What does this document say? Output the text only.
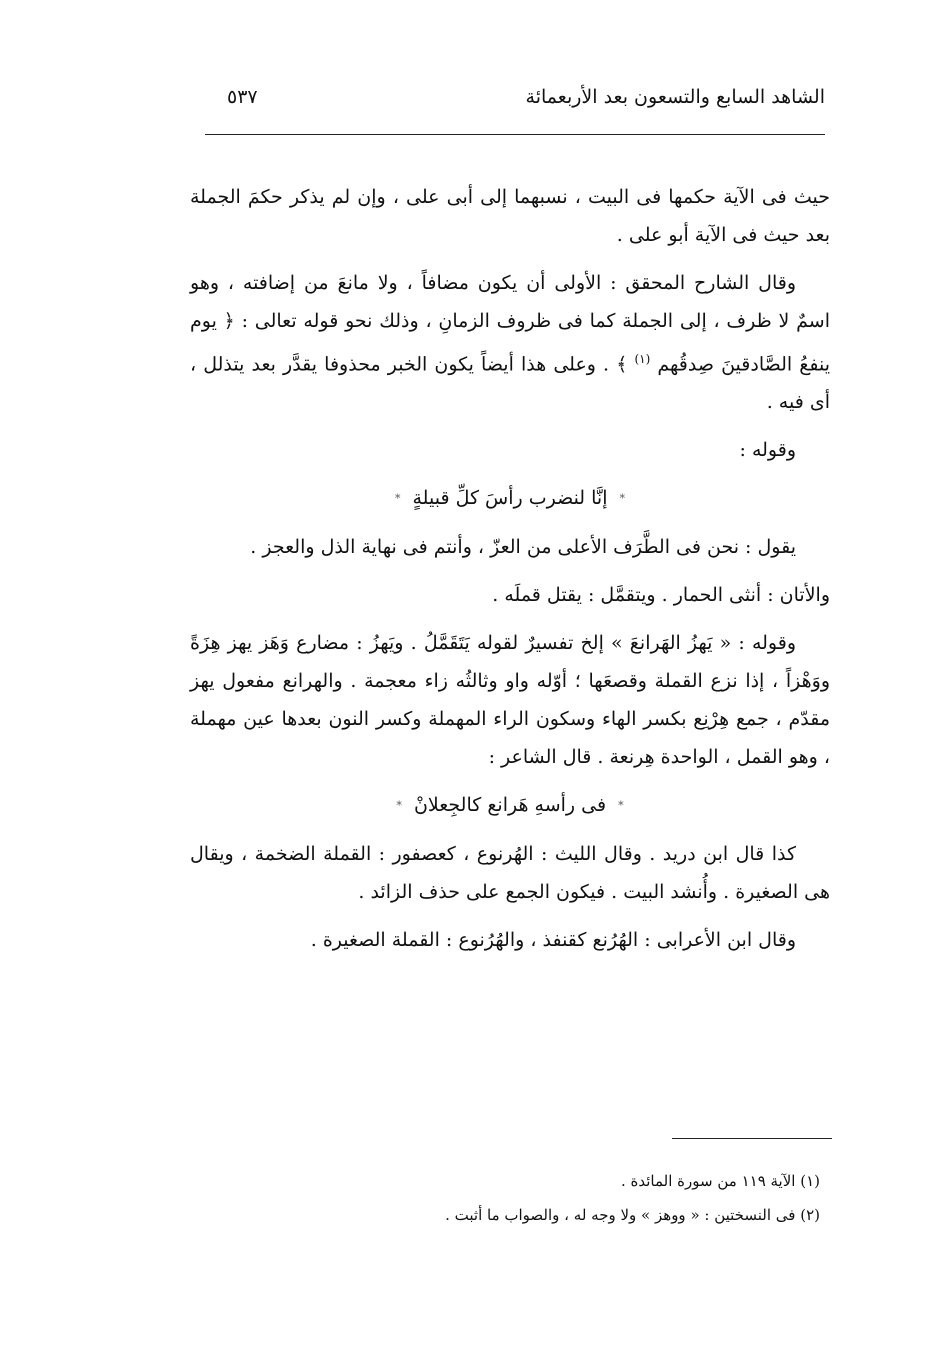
الشاهد السابع والتسعون بعد الأربعمائة
٥٣٧

حيث فى الآية حكمها فى البيت ، نسبهما إلى أبى على ، وإن لم يذكر حكمَ الجملة بعد حيث فى الآية أبو على .

وقال الشارح المحقق : الأولى أن يكون مضافاً ، ولا مانعَ من إضافته ، وهو اسمٌ لا ظرف ، إلى الجملة كما فى ظروف الزمانِ ، وذلك نحو قوله تعالى : ﴿ يوم ينفعُ الصَّادقينَ صِدقُهم $^{(١)}$ ﴾ . وعلى هذا أيضاً يكون الخبر محذوفا يقدَّر بعد يتذلل ، أى فيه .

وقوله :

* إنَّا لنضرب رأسَ كلِّ قبيلةٍ *

يقول : نحن فى الطَّرَف الأعلى من العزّ ، وأنتم فى نهاية الذل والعجز .

والأتان : أنثى الحمار . ويتقمَّل : يقتل قملَه .

وقوله : « يَهزُ الهَرانعَ » إلخ تفسيرٌ لقوله يَتَقَمَّلُ . ويَهزُ : مضارع وَهَز يهز هِزَةً ووَهْزاً ، إذا نزع القملة وقصعَها ؛ أوّله واو وثالثُه زاء معجمة . والهرانع مفعول يهز مقدّم ، جمع هِرْنِع بكسر الهاء وسكون الراء المهملة وكسر النون بعدها عين مهملة ، وهو القمل ، الواحدة هِرنعة . قال الشاعر :

* فى رأسهِ هَرانع كالجِعلانْ *

كذا قال ابن دريد . وقال الليث : الهُرنوع ، كعصفور : القملة الضخمة ، ويقال هى الصغيرة . وأُنشد البيت . فيكون الجمع على حذف الزائد .

وقال ابن الأعرابى : الهُرُنع كقنفذ ، والهُرُنوع : القملة الصغيرة .

(١) الآية ١١٩ من سورة المائدة .

(٢) فى النسختين : « ووهز » ولا وجه له ، والصواب ما أثبت .
